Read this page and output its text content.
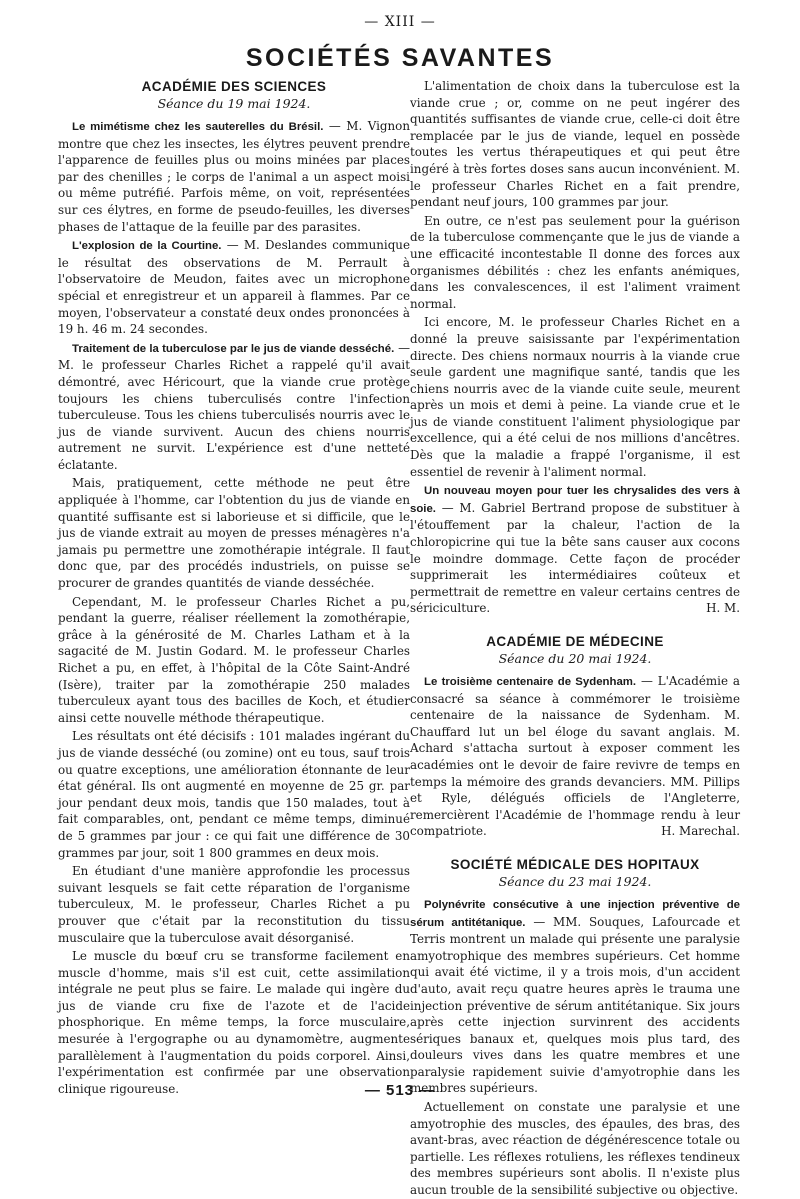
— XIII —
SOCIÉTÉS SAVANTES
ACADÉMIE DES SCIENCES
Séance du 19 mai 1924.

Le mimétisme chez les sauterelles du Brésil. — M. Vignon montre que chez les insectes, les élytres peuvent prendre l'apparence de feuilles plus ou moins minées par places par des chenilles ; le corps de l'animal a un aspect moisi ou même putréfié. Parfois même, on voit, représentées sur ces élytres, en forme de pseudo-feuilles, les diverses phases de l'attaque de la feuille par des parasites.

L'explosion de la Courtine. — M. Deslandes communique le résultat des observations de M. Perrault à l'observatoire de Meudon, faites avec un microphone spécial et enregistreur et un appareil à flammes. Par ce moyen, l'observateur a constaté deux ondes prononcées à 19 h. 46 m. 24 secondes.

Traitement de la tuberculose par le jus de viande desséché. — M. le professeur Charles Richet a rappelé qu'il avait démontré, avec Héricourt, que la viande crue protège toujours les chiens tuberculisés contre l'infection tuberculeuse. Tous les chiens tuberculisés nourris avec le jus de viande survivent. Aucun des chiens nourris autrement ne survit. L'expérience est d'une netteté éclatante.

Mais, pratiquement, cette méthode ne peut être appliquée à l'homme, car l'obtention du jus de viande en quantité suffisante est si laborieuse et si difficile, que le jus de viande extrait au moyen de presses ménagères n'a jamais pu permettre une zomothérapie intégrale. Il faut donc que, par des procédés industriels, on puisse se procurer de grandes quantités de viande desséchée.

Cependant, M. le professeur Charles Richet a pu, pendant la guerre, réaliser réellement la zomothérapie, grâce à la générosité de M. Charles Latham et à la sagacité de M. Justin Godard. M. le professeur Charles Richet a pu, en effet, à l'hôpital de la Côte Saint-André (Isère), traiter par la zomothérapie 250 malades tuberculeux ayant tous des bacilles de Koch, et étudier ainsi cette nouvelle méthode thérapeutique.

Les résultats ont été décisifs : 101 malades ingérant du jus de viande desséché (ou zomine) ont eu tous, sauf trois ou quatre exceptions, une amélioration étonnante de leur état général. Ils ont augmenté en moyenne de 25 gr. par jour pendant deux mois, tandis que 150 malades, tout à fait comparables, ont, pendant ce même temps, diminué de 5 grammes par jour : ce qui fait une différence de 30 grammes par jour, soit 1 800 grammes en deux mois.

En étudiant d'une manière approfondie les processus suivant lesquels se fait cette réparation de l'organisme tuberculeux, M. le professeur, Charles Richet a pu prouver que c'était par la reconstitution du tissu musculaire que la tuberculose avait désorganisé.

Le muscle du bœuf cru se transforme facilement en muscle d'homme, mais s'il est cuit, cette assimilation intégrale ne peut plus se faire. Le malade qui ingère du jus de viande cru fixe de l'azote et de l'acide phosphorique. En même temps, la force musculaire, mesurée à l'ergographe ou au dynamomètre, augmente parallèlement à l'augmentation du poids corporel. Ainsi, l'expérimentation est confirmée par une observation clinique rigoureuse.

L'alimentation de choix dans la tuberculose est la viande crue ; or, comme on ne peut ingérer des quantités suffisantes de viande crue, celle-ci doit être remplacée par le jus de viande, lequel en possède toutes les vertus thérapeutiques et qui peut être ingéré à très fortes doses sans aucun inconvénient. M. le professeur Charles Richet en a fait prendre, pendant neuf jours, 100 grammes par jour.

En outre, ce n'est pas seulement pour la guérison de la tuberculose commençante que le jus de viande a une efficacité incontestable Il donne des forces aux organismes débilités : chez les enfants anémiques, dans les convalescences, il est l'aliment vraiment normal.

Ici encore, M. le professeur Charles Richet en a donné la preuve saisissante par l'expérimentation directe. Des chiens normaux nourris à la viande crue seule gardent une magnifique santé, tandis que les chiens nourris avec de la viande cuite seule, meurent après un mois et demi à peine. La viande crue et le jus de viande constituent l'aliment physiologique par excellence, qui a été celui de nos millions d'ancêtres. Dès que la maladie a frappé l'organisme, il est essentiel de revenir à l'aliment normal.

Un nouveau moyen pour tuer les chrysalides des vers à soie. — M. Gabriel Bertrand propose de substituer à l'étouffement par la chaleur, l'action de la chloropicrine qui tue la bête sans causer aux cocons le moindre dommage. Cette façon de procéder supprimerait les intermédiaires coûteux et permettrait de remettre en valeur certains centres de sériciculture.	H. M.

ACADÉMIE DE MÉDECINE
Séance du 20 mai 1924.

Le troisième centenaire de Sydenham. — L'Académie a consacré sa séance à commémorer le troisième centenaire de la naissance de Sydenham. M. Chauffard lut un bel éloge du savant anglais. M. Achard s'attacha surtout à exposer comment les académies ont le devoir de faire revivre de temps en temps la mémoire des grands devanciers. MM. Pillips et Ryle, délégués officiels de l'Angleterre, remercièrent l'Académie de l'hommage rendu à leur compatriote.	H. Marechal.

SOCIÉTÉ MÉDICALE DES HOPITAUX
Séance du 23 mai 1924.

Polynévrite consécutive à une injection préventive de sérum antitétanique. — MM. Souques, Lafourcade et Terris montrent un malade qui présente une paralysie amyotrophique des membres supérieurs. Cet homme qui avait été victime, il y a trois mois, d'un accident d'auto, avait reçu quatre heures après le trauma une injection préventive de sérum antitétanique. Six jours après cette injection survinrent des accidents sériques banaux et, quelques mois plus tard, des douleurs vives dans les quatre membres et une paralysie rapidement suivie d'amyotrophie dans les membres supérieurs.

Actuellement on constate une paralysie et une amyotrophie des muscles, des épaules, des bras, des avant-bras, avec réaction de dégénérescence totale ou partielle. Les réflexes rotuliens, les réflexes tendineux des membres supérieurs sont abolis. Il n'existe plus aucun trouble de la sensibilité subjective ou objective.

— 513 —
